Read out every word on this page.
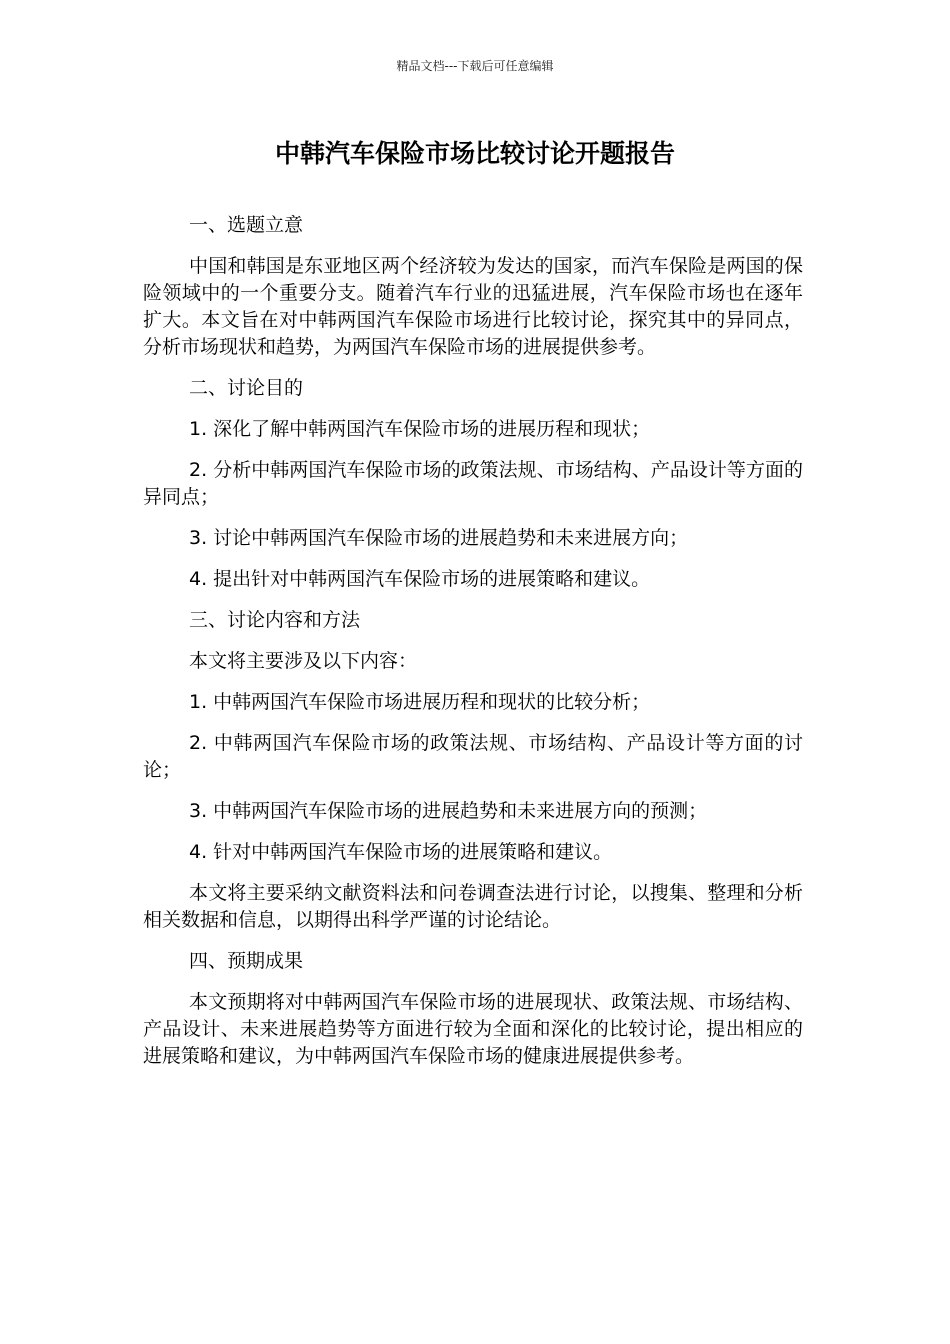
精品文档---下载后可任意编辑
中韩汽车保险市场比较讨论开题报告

一、选题立意

中国和韩国是东亚地区两个经济较为发达的国家，而汽车保险是两国的保险领域中的一个重要分支。随着汽车行业的迅猛进展，汽车保险市场也在逐年扩大。本文旨在对中韩两国汽车保险市场进行比较讨论，探究其中的异同点，分析市场现状和趋势，为两国汽车保险市场的进展提供参考。

二、讨论目的

1. 深化了解中韩两国汽车保险市场的进展历程和现状；

2. 分析中韩两国汽车保险市场的政策法规、市场结构、产品设计等方面的异同点；

3. 讨论中韩两国汽车保险市场的进展趋势和未来进展方向；

4. 提出针对中韩两国汽车保险市场的进展策略和建议。

三、讨论内容和方法

本文将主要涉及以下内容：

1. 中韩两国汽车保险市场进展历程和现状的比较分析；

2. 中韩两国汽车保险市场的政策法规、市场结构、产品设计等方面的讨论；

3. 中韩两国汽车保险市场的进展趋势和未来进展方向的预测；

4. 针对中韩两国汽车保险市场的进展策略和建议。

本文将主要采纳文献资料法和问卷调查法进行讨论，以搜集、整理和分析相关数据和信息，以期得出科学严谨的讨论结论。

四、预期成果

本文预期将对中韩两国汽车保险市场的进展现状、政策法规、市场结构、产品设计、未来进展趋势等方面进行较为全面和深化的比较讨论，提出相应的进展策略和建议，为中韩两国汽车保险市场的健康进展提供参考。
